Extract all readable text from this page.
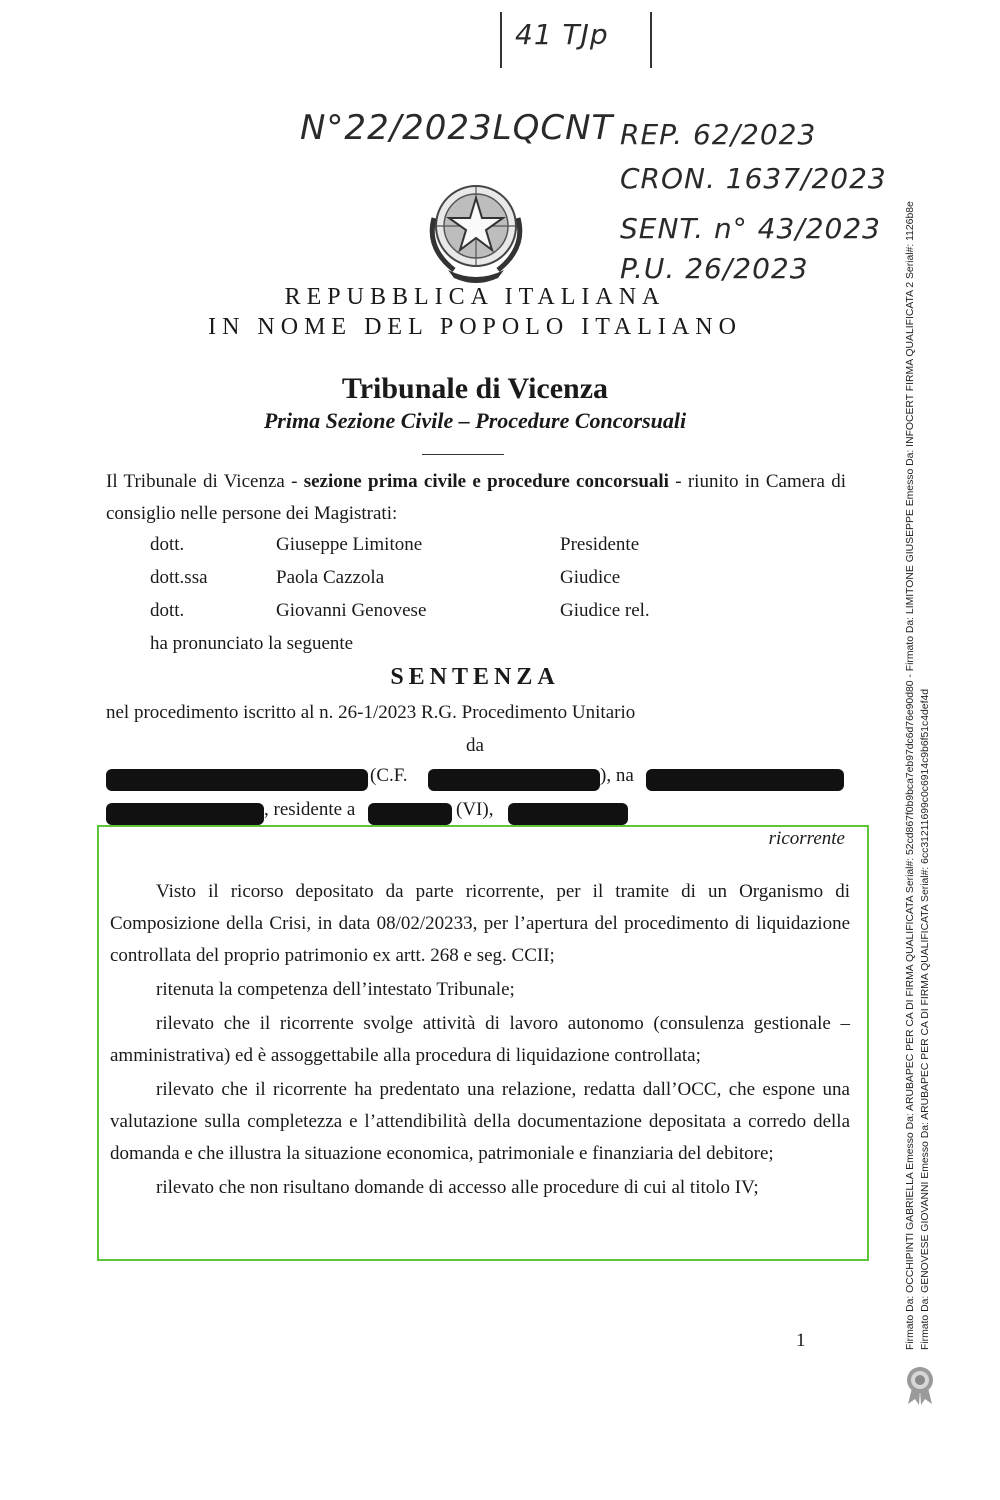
41 TJp
N°22/2023LQCNT REP. 62/2023
CRON. 1637/2023
SENT. n° 43/2023
P.U. 26/2023
REPUBBLICA ITALIANA
IN NOME DEL POPOLO ITALIANO
Tribunale di Vicenza
Prima Sezione Civile – Procedure Concorsuali
Il Tribunale di Vicenza - sezione prima civile e procedure concorsuali - riunito in Camera di consiglio nelle persone dei Magistrati:
dott.	Giuseppe Limitone	Presidente
dott.ssa	Paola Cazzola	Giudice
dott.	Giovanni Genovese	Giudice rel.
ha pronunciato la seguente
SENTENZA
nel procedimento iscritto al n. 26-1/2023 R.G. Procedimento Unitario
da
(C.F.	), na
, residente a	(VI),
ricorrente

Visto il ricorso depositato da parte ricorrente, per il tramite di un Organismo di Composizione della Crisi, in data 08/02/20233, per l’apertura del procedimento di liquidazione controllata del proprio patrimonio ex artt. 268 e seg. CCII;

ritenuta la competenza dell’intestato Tribunale;

rilevato che il ricorrente svolge attività di lavoro autonomo (consulenza gestionale – amministrativa) ed è assoggettabile alla procedura di liquidazione controllata;

rilevato che il ricorrente ha predentato una relazione, redatta dall’OCC, che espone una valutazione sulla completezza e l’attendibilità della documentazione depositata a corredo della domanda e che illustra la situazione economica, patrimoniale e finanziaria del debitore;

rilevato che non risultano domande di accesso alle procedure di cui al titolo IV;

1	Firmato Da: OCCHIPINTI GABRIELLA Emesso Da: ARUBAPEC PER CA DI FIRMA QUALIFICATA Serial#: 52cd867f0b9bca7eb97dc6d76e90d80 - Firmato Da: LIMITONE GIUSEPPE Emesso Da: INFOCERT FIRMA QUALIFICATA 2 Serial#: 1126b8e Firmato Da: GENOVESE GIOVANNI Emesso Da: ARUBAPEC PER CA DI FIRMA QUALIFICATA Serial#: 6cc31211699c0c6914c9b6f51c4def4d
